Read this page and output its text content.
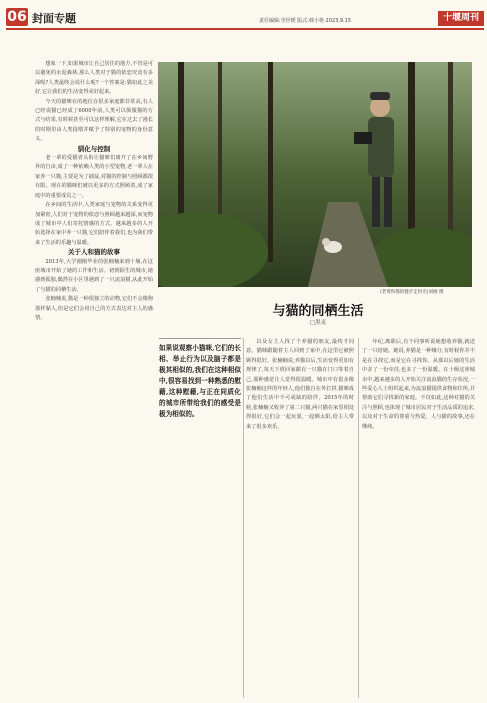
06 封面专题	责任编辑:李世媛 版式:韩小艳 2023.9.15	十堰周刊

想象一下,如果城市让自己居住的地方,不管是可以避免的水泥森林,那么人类对于猫的依恋究竟有多深呢?人类最终会说什么呢?一个答案是:猫如此之美好,它让我们的生活变得美好起来。

今天的猫咪在的地位在很多家庭都非常高,有人已经说猫已经成了6000年前,人类可以驯服猫的方式与结果,有时候甚至可以这样理解,它在过去了漫长的时期里由人类投喂并赋予了特别的宠物的身份意义。

驯化与控制

老一辈的爱猫者头衔让猫咪们离开了在乡间野外的自由,成了一种依赖人类的小型宠物,老一辈人在家养一只猫,主要是为了捕鼠,对猫的控制与照顾都很有限。现在的猫咪们被以更多的方式照顾着,成了家庭中的重要成员之一。

在乡间的生活中,人类家庭与宠物的关系变得更加紧密,人们对于宠物的依恋与照顾越来越深,而宠物成了城市中人们寄托情感的方式。越来越多的人开始选择在家中养一只猫,它们陪伴着我们,也为我们带来了生活的乐趣与温暖。

关于人和猫的故事

2013年,大学刚刚毕业的张楠楠来到十堰,在这座城市开始了她的工作和生活。初到陌生的城市,她感到孤独,偶然在小区里遇到了一只流浪猫,从此开始了与猫的同栖生活。

张楠楠说,猫是一种很独立的动物,它们不会像狗那样黏人,但是它们会用自己的方式表达对主人的感情。

(老黄和猫的健步走时光)刘刚 摄
与猫的同栖生活
□黑麦
如果说观察小猫咪,它们的长相、举止行为以及脑子都是极其相似的,我们在这种相似中,很容易找到一种熟悉的慰藉,这种慰藉,与正在同质化的城市所带给我们的感受是极为相似的。

以及女主人找了个养猫的朋友,最终才同意。猫咪跟随着主人回到了家中,在这里它被照顾得很好。张楠楠说,养猫以后,生活变得更加有规律了,每天下班回家都有一只猫在门口等着自己,那种感觉让人觉得很温暖。城市中有很多像张楠楠这样的年轻人,他们独自在外打拼,猫咪成了他们生活中不可或缺的陪伴。2015年的时候,张楠楠又收养了第二只猫,两只猫在家里相处得很好,它们会一起玩耍,一起晒太阳,给主人带来了很多欢乐。

年纪,离职后,有个同事听说她想收养猫,就送了一只给她。她说,养猫是一种缘分,有时候你并不是在寻找它,而是它在寻找你。从那以后她的生活中多了一份牵挂,也多了一份温暖。在十堰这座城市中,越来越多的人开始关注流浪猫的生存状况,一些爱心人士组织起来,为流浪猫提供食物和住所,并帮助它们寻找新的家庭。不仅如此,这种对猫的关注与照顾,也体现了城市居民对于生活品质的追求,以及对于生命的尊重与热爱。人与猫的故事,还在继续。
